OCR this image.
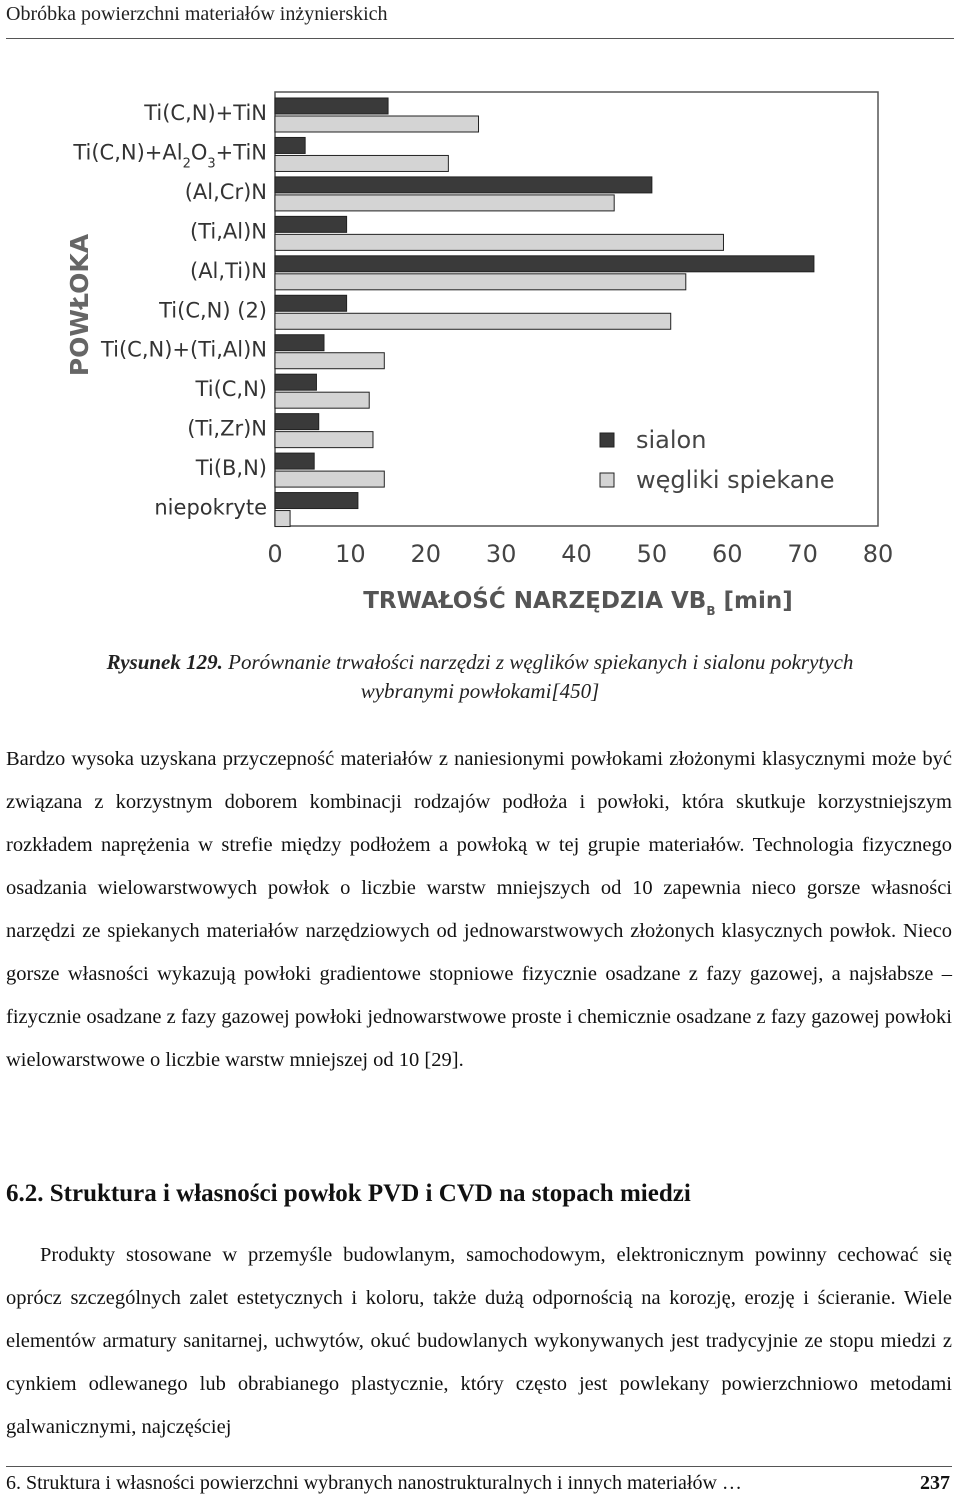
Obróbka powierzchni materiałów inżynierskich
Ti(C,N)+TiN
$Ti(C,N)+Al_2O_3+TiN$
(Al,Cr)N
(Ti,Al)N
(Al,Ti)N
Ti(C,N) (2)
Ti(C,N)+(Ti,Al)N
Ti(C,N)
(Ti,Zr)N
Ti(B,N)
niepokryte
0 10 20 30 40 50 60 70 80
TRWAŁOŚĆ NARZĘDZIA $VB_B$ [min]
POWŁOKA
sialon
węgliki spiekane
Rysunek 129. Porównanie trwałości narzędzi z węglików spiekanych i sialonu pokrytych
wybranymi powłokami[450]

Bardzo wysoka uzyskana przyczepność materiałów z naniesionymi powłokami złożonymi klasycznymi może być związana z korzystnym doborem kombinacji rodzajów podłoża i powłoki, która skutkuje korzystniejszym rozkładem naprężenia w strefie między podłożem a powłoką w tej grupie materiałów. Technologia fizycznego osadzania wielowarstwowych powłok o liczbie warstw mniejszych od 10 zapewnia nieco gorsze własności narzędzi ze spiekanych materiałów narzędziowych od jednowarstwowych złożonych klasycznych powłok. Nieco gorsze własności wykazują powłoki gradientowe stopniowe fizycznie osadzane z fazy gazowej, a najsłabsze – fizycznie osadzane z fazy gazowej powłoki jednowarstwowe proste i chemicznie osadzane z fazy gazowej powłoki wielowarstwowe o liczbie warstw mniejszej od 10 [29].

6.2. Struktura i własności powłok PVD i CVD na stopach miedzi

Produkty stosowane w przemyśle budowlanym, samochodowym, elektronicznym powinny cechować się oprócz szczególnych zalet estetycznych i koloru, także dużą odpornością na korozję, erozję i ścieranie. Wiele elementów armatury sanitarnej, uchwytów, okuć budowlanych wykonywanych jest tradycyjnie ze stopu miedzi z cynkiem odlewanego lub obrabianego plastycznie, który często jest powlekany powierzchniowo metodami galwanicznymi, najczęściej

6. Struktura i własności powierzchni wybranych nanostrukturalnych i innych materiałów …	237
